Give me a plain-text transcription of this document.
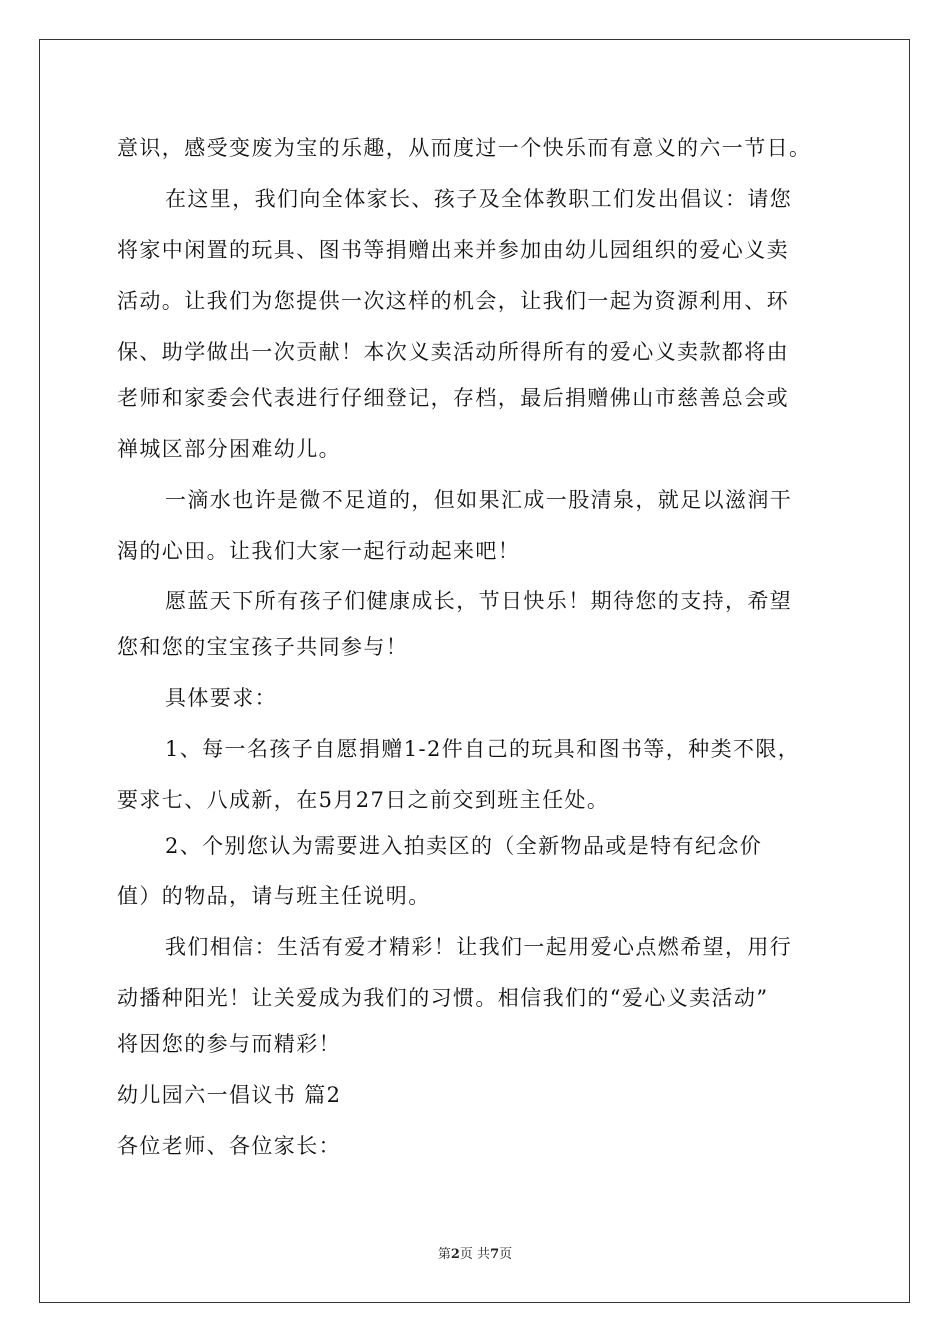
意识，感受变废为宝的乐趣，从而度过一个快乐而有意义的六一节日。
在这里，我们向全体家长、孩子及全体教职工们发出倡议：请您
将家中闲置的玩具、图书等捐赠出来并参加由幼儿园组织的爱心义卖
活动。让我们为您提供一次这样的机会，让我们一起为资源利用、环
保、助学做出一次贡献！本次义卖活动所得所有的爱心义卖款都将由
老师和家委会代表进行仔细登记，存档，最后捐赠佛山市慈善总会或
禅城区部分困难幼儿。
一滴水也许是微不足道的，但如果汇成一股清泉，就足以滋润干
渴的心田。让我们大家一起行动起来吧！
愿蓝天下所有孩子们健康成长，节日快乐！期待您的支持，希望
您和您的宝宝孩子共同参与！
具体要求：
1、每一名孩子自愿捐赠1-2件自己的玩具和图书等，种类不限，
要求七、八成新，在5月27日之前交到班主任处。
2、个别您认为需要进入拍卖区的（全新物品或是特有纪念价
值）的物品，请与班主任说明。
我们相信：生活有爱才精彩！让我们一起用爱心点燃希望，用行
动播种阳光！让关爱成为我们的习惯。相信我们的“爱心义卖活动”
将因您的参与而精彩！
幼儿园六一倡议书 篇2
各位老师、各位家长：
第2页 共7页
